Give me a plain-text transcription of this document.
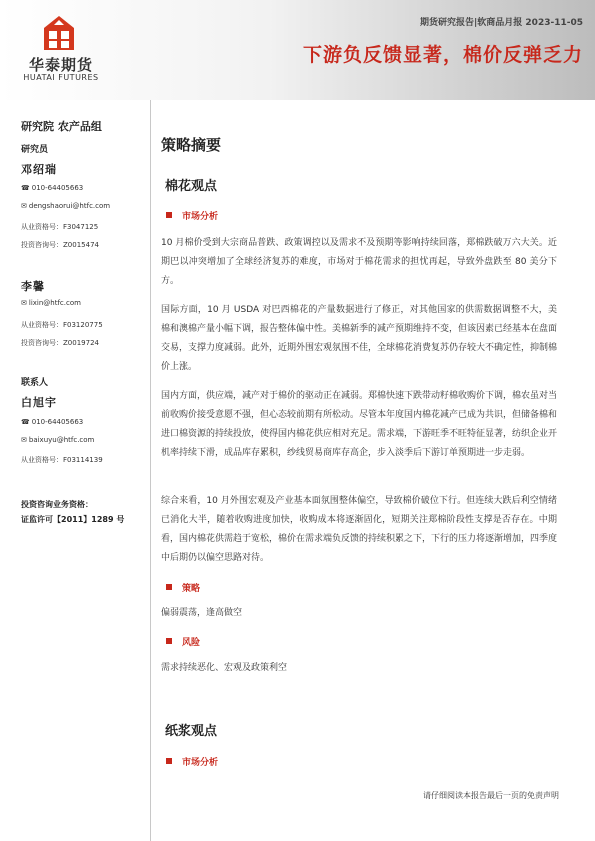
华泰期货
HUATAI FUTURES
期货研究报告|软商品月报 2023-11-05
下游负反馈显著，棉价反弹乏力
研究院 农产品组
研究员
邓绍瑞
☎ 010-64405663
✉ dengshaorui@htfc.com
从业资格号：F3047125
投资咨询号：Z0015474
李馨
✉ lixin@htfc.com
从业资格号：F03120775
投资咨询号：Z0019724
联系人
白旭宇
☎ 010-64405663
✉ baixuyu@htfc.com
从业资格号：F03114139
投资咨询业务资格：
证监许可【2011】1289 号
策略摘要
棉花观点
市场分析
10 月棉价受到大宗商品普跌、政策调控以及需求不及预期等影响持续回落，郑棉跌破万六大关。近期巴以冲突增加了全球经济复苏的难度，市场对于棉花需求的担忧再起，导致外盘跌至 80 美分下方。
国际方面，10 月 USDA 对巴西棉花的产量数据进行了修正，对其他国家的供需数据调整不大，美棉和澳棉产量小幅下调，报告整体偏中性。美棉新季的减产预期维持不变，但该因素已经基本在盘面交易，支撑力度减弱。此外，近期外围宏观氛围不佳，全球棉花消费复苏仍存较大不确定性，抑制棉价上涨。
国内方面，供应端，减产对于棉价的驱动正在减弱。郑棉快速下跌带动籽棉收购价下调，棉农虽对当前收购价接受意愿不强，但心态较前期有所松动。尽管本年度国内棉花减产已成为共识，但储备棉和进口棉资源的持续投放，使得国内棉花供应相对充足。需求端，下游旺季不旺特征显著，纺织企业开机率持续下滑，成品库存累积，纱线贸易商库存高企，步入淡季后下游订单预期进一步走弱。
综合来看，10 月外围宏观及产业基本面氛围整体偏空，导致棉价破位下行。但连续大跌后利空情绪已消化大半，随着收购进度加快，收购成本将逐渐固化，短期关注郑棉阶段性支撑是否存在。中期看，国内棉花供需趋于宽松，棉价在需求端负反馈的持续积累之下，下行的压力将逐渐增加，四季度中后期仍以偏空思路对待。
策略
偏弱震荡，逢高做空
风险
需求持续恶化、宏观及政策利空
纸浆观点
市场分析
请仔细阅读本报告最后一页的免责声明
